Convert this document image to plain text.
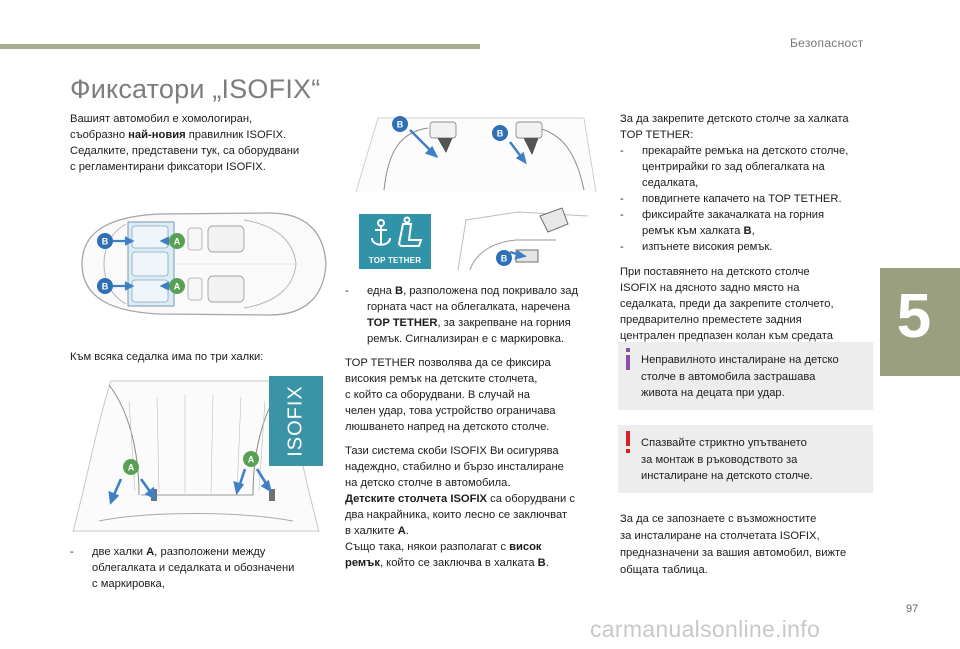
Безопасност
Фиксатори „ISOFIX“

Вашият автомобил е хомологиран,

съобразно най-новия правилник ISOFIX.

Седалките, представени тук, са оборудвани

с регламентирани фиксатори ISOFIX.

B
B
A
A
Към всяка седалка има по три халки:
A
A
ISOFIX
-	две халки A, разположени между
облегалката и седалката и обозначени
с маркировка,
B
B
TOP TETHER	B
-	една B, разположена под покривало зад
горната част на облегалката, наречена
TOP TETHER, за закрепване на горния
ремък. Сигнализиран е с маркировка.

TOP TETHER позволява да се фиксира

високия ремък на детските столчета,

с който са оборудвани. В случай на

челен удар, това устройство ограничава

люшването напред на детското столче.

Тази система скоби ISOFIX Ви осигурява

надеждно, стабилно и бързо инсталиране

на детско столче в автомобила.

Детските столчета ISOFIX са оборудвани с

два накрайника, които лесно се заключват

в халките A.

Също така, някои разполагат с висок

ремък, който се заключва в халката B.

За да закрепите детското столче за халката

TOP TETHER:

-	прекарайте ремъка на детското столче,
центрирайки го зад облегалката на
седалката,
-	повдигнете капачето на TOP TETHER.
-	фиксирайте закачалката на горния
ремък към халката B,
-	изпънете високия ремък.

При поставянето на детското столче

ISOFIX на дясното задно място на

седалката, преди да закрепите столчето,

предварително преместете задния

централен предпазен колан към средата

Неправилното инсталиране на детско

столче в автомобила застрашава

живота на децата при удар.

Спазвайте стриктно упътването

за монтаж в ръководството за

инсталиране на детското столче.

За да се запознаете с възможностите

за инсталиране на столчетата ISOFIX,

предназначени за вашия автомобил, вижте

общата таблица.

5
97
carmanualsonline.info
